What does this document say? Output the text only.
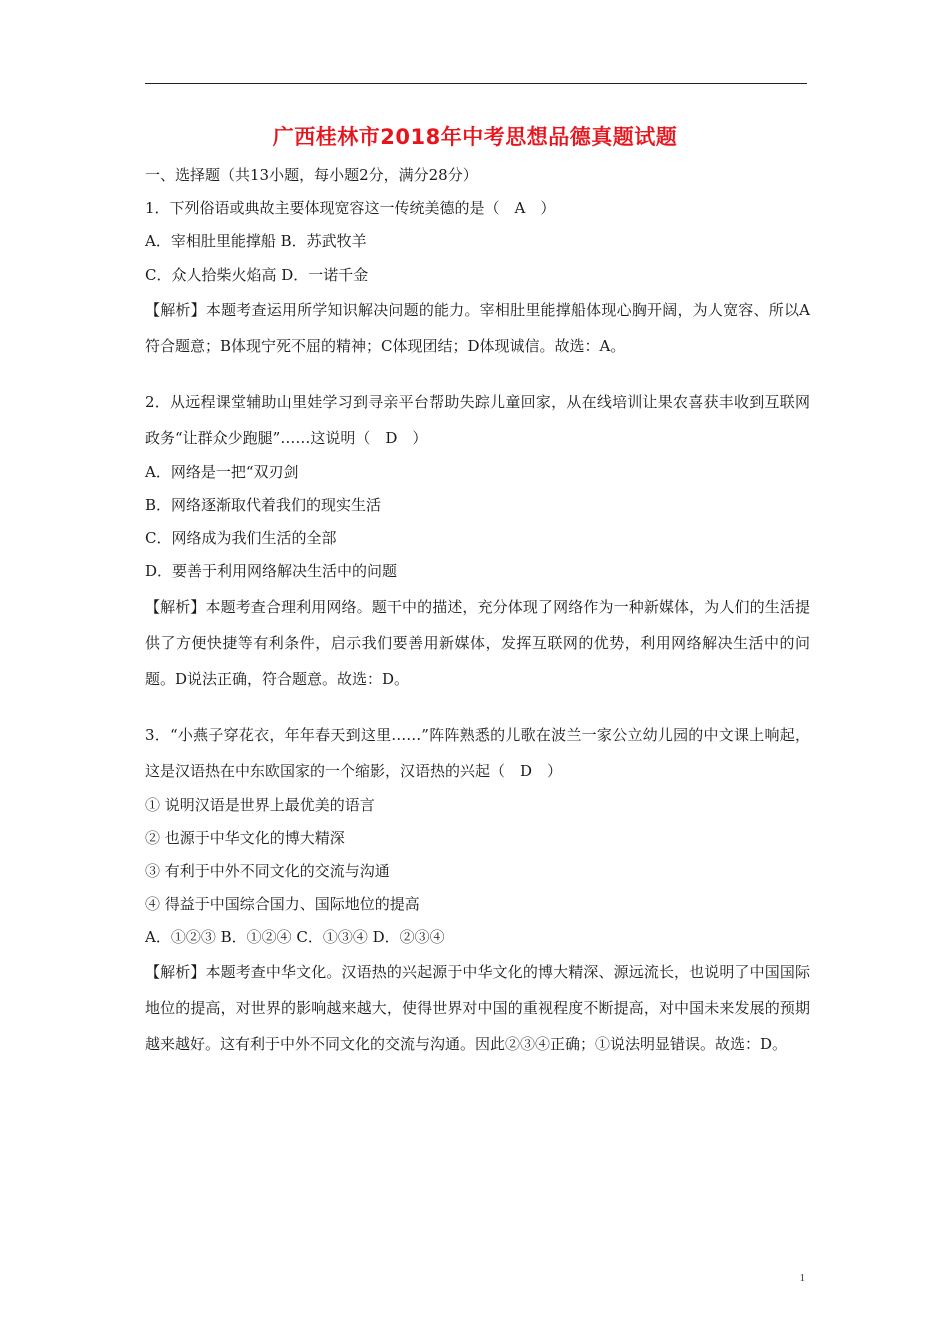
广西桂林市2018年中考思想品德真题试题
一、选择题（共13小题，每小题2分，满分28分）
1．下列俗语或典故主要体现宽容这一传统美德的是（　A　）
A．宰相肚里能撑船 B．苏武牧羊
C．众人拾柴火焰高 D．一诺千金
【解析】本题考查运用所学知识解决问题的能力。宰相肚里能撑船体现心胸开阔，为人宽容、所以A符合题意；B体现宁死不屈的精神；C体现团结；D体现诚信。故选：A。
2．从远程课堂辅助山里娃学习到寻亲平台帮助失踪儿童回家，从在线培训让果农喜获丰收到互联网政务“让群众少跑腿”……这说明（　D　）
A．网络是一把“双刃剑
B．网络逐渐取代着我们的现实生活
C．网络成为我们生活的全部
D．要善于利用网络解决生活中的问题
【解析】本题考查合理利用网络。题干中的描述，充分体现了网络作为一种新媒体，为人们的生活提供了方便快捷等有利条件，启示我们要善用新媒体，发挥互联网的优势，利用网络解决生活中的问题。D说法正确，符合题意。故选：D。
3．“小燕子穿花衣，年年春天到这里……”阵阵熟悉的儿歌在波兰一家公立幼儿园的中文课上响起，这是汉语热在中东欧国家的一个缩影，汉语热的兴起（　D　）
① 说明汉语是世界上最优美的语言
② 也源于中华文化的博大精深
③ 有利于中外不同文化的交流与沟通
④ 得益于中国综合国力、国际地位的提高
A．①②③ B．①②④ C．①③④ D．②③④
【解析】本题考查中华文化。汉语热的兴起源于中华文化的博大精深、源远流长，也说明了中国国际地位的提高，对世界的影响越来越大，使得世界对中国的重视程度不断提高，对中国未来发展的预期越来越好。这有利于中外不同文化的交流与沟通。因此②③④正确；①说法明显错误。故选：D。
1
